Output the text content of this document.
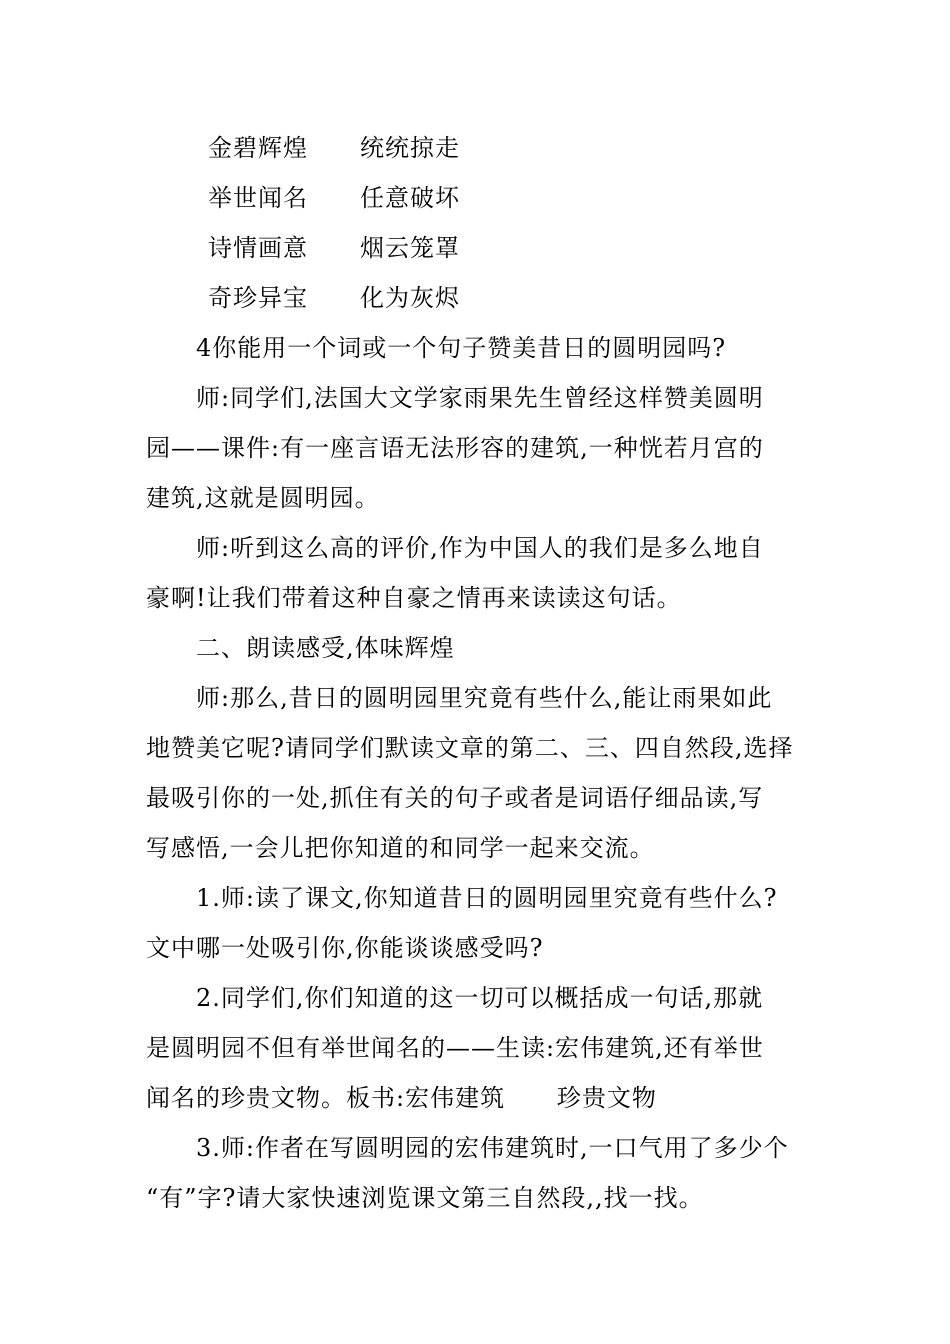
金碧辉煌 统统掠走
举世闻名 任意破坏
诗情画意 烟云笼罩
奇珍异宝 化为灰烬
4你能用一个词或一个句子赞美昔日的圆明园吗?
师:同学们,法国大文学家雨果先生曾经这样赞美圆明
园——课件:有一座言语无法形容的建筑,一种恍若月宫的
建筑,这就是圆明园。
师:听到这么高的评价,作为中国人的我们是多么地自
豪啊!让我们带着这种自豪之情再来读读这句话。
二、朗读感受,体味辉煌
师:那么,昔日的圆明园里究竟有些什么,能让雨果如此
地赞美它呢?请同学们默读文章的第二、三、四自然段,选择
最吸引你的一处,抓住有关的句子或者是词语仔细品读,写
写感悟,一会儿把你知道的和同学一起来交流。
1.师:读了课文,你知道昔日的圆明园里究竟有些什么?
文中哪一处吸引你,你能谈谈感受吗?
2.同学们,你们知道的这一切可以概括成一句话,那就
是圆明园不但有举世闻名的——生读:宏伟建筑,还有举世
闻名的珍贵文物。板书:宏伟建筑      珍贵文物
3.师:作者在写圆明园的宏伟建筑时,一口气用了多少个
“有”字?请大家快速浏览课文第三自然段,,找一找。
